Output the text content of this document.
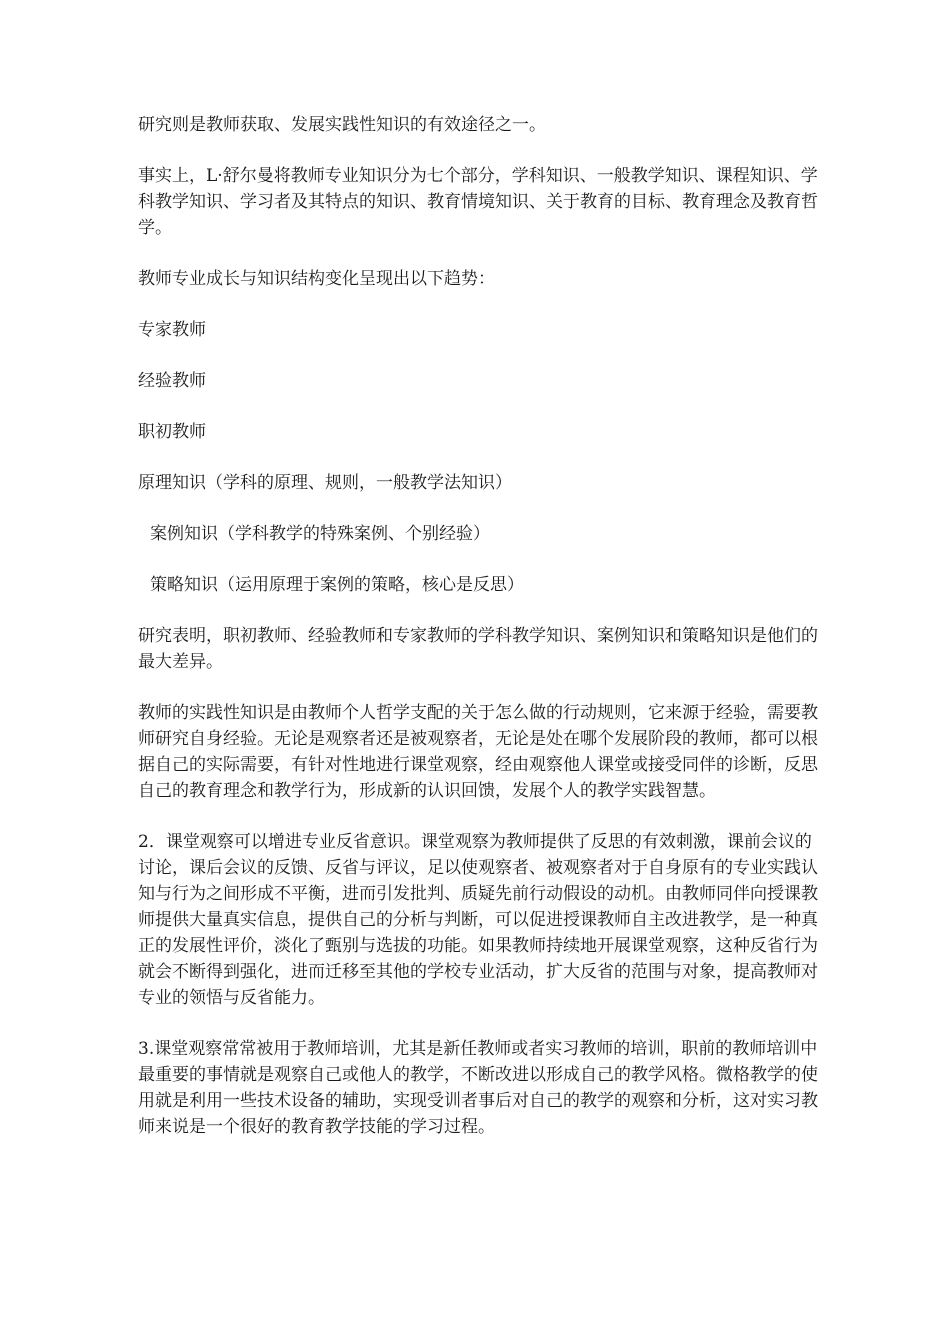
研究则是教师获取、发展实践性知识的有效途径之一。

事实上，L·舒尔曼将教师专业知识分为七个部分，学科知识、一般教学知识、课程知识、学科教学知识、学习者及其特点的知识、教育情境知识、关于教育的目标、教育理念及教育哲学。

教师专业成长与知识结构变化呈现出以下趋势：

专家教师

经验教师

职初教师

原理知识（学科的原理、规则，一般教学法知识）

案例知识（学科教学的特殊案例、个别经验）

策略知识（运用原理于案例的策略，核心是反思）

研究表明，职初教师、经验教师和专家教师的学科教学知识、案例知识和策略知识是他们的最大差异。

教师的实践性知识是由教师个人哲学支配的关于怎么做的行动规则，它来源于经验，需要教师研究自身经验。无论是观察者还是被观察者，无论是处在哪个发展阶段的教师，都可以根据自己的实际需要，有针对性地进行课堂观察，经由观察他人课堂或接受同伴的诊断，反思自己的教育理念和教学行为，形成新的认识回馈，发展个人的教学实践智慧。

2．课堂观察可以增进专业反省意识。课堂观察为教师提供了反思的有效刺激，课前会议的讨论，课后会议的反馈、反省与评议，足以使观察者、被观察者对于自身原有的专业实践认知与行为之间形成不平衡，进而引发批判、质疑先前行动假设的动机。由教师同伴向授课教师提供大量真实信息，提供自己的分析与判断，可以促进授课教师自主改进教学，是一种真正的发展性评价，淡化了甄别与选拔的功能。如果教师持续地开展课堂观察，这种反省行为就会不断得到强化，进而迁移至其他的学校专业活动，扩大反省的范围与对象，提高教师对专业的领悟与反省能力。

3.课堂观察常常被用于教师培训，尤其是新任教师或者实习教师的培训，职前的教师培训中最重要的事情就是观察自己或他人的教学，不断改进以形成自己的教学风格。微格教学的使用就是利用一些技术设备的辅助，实现受训者事后对自己的教学的观察和分析，这对实习教师来说是一个很好的教育教学技能的学习过程。
